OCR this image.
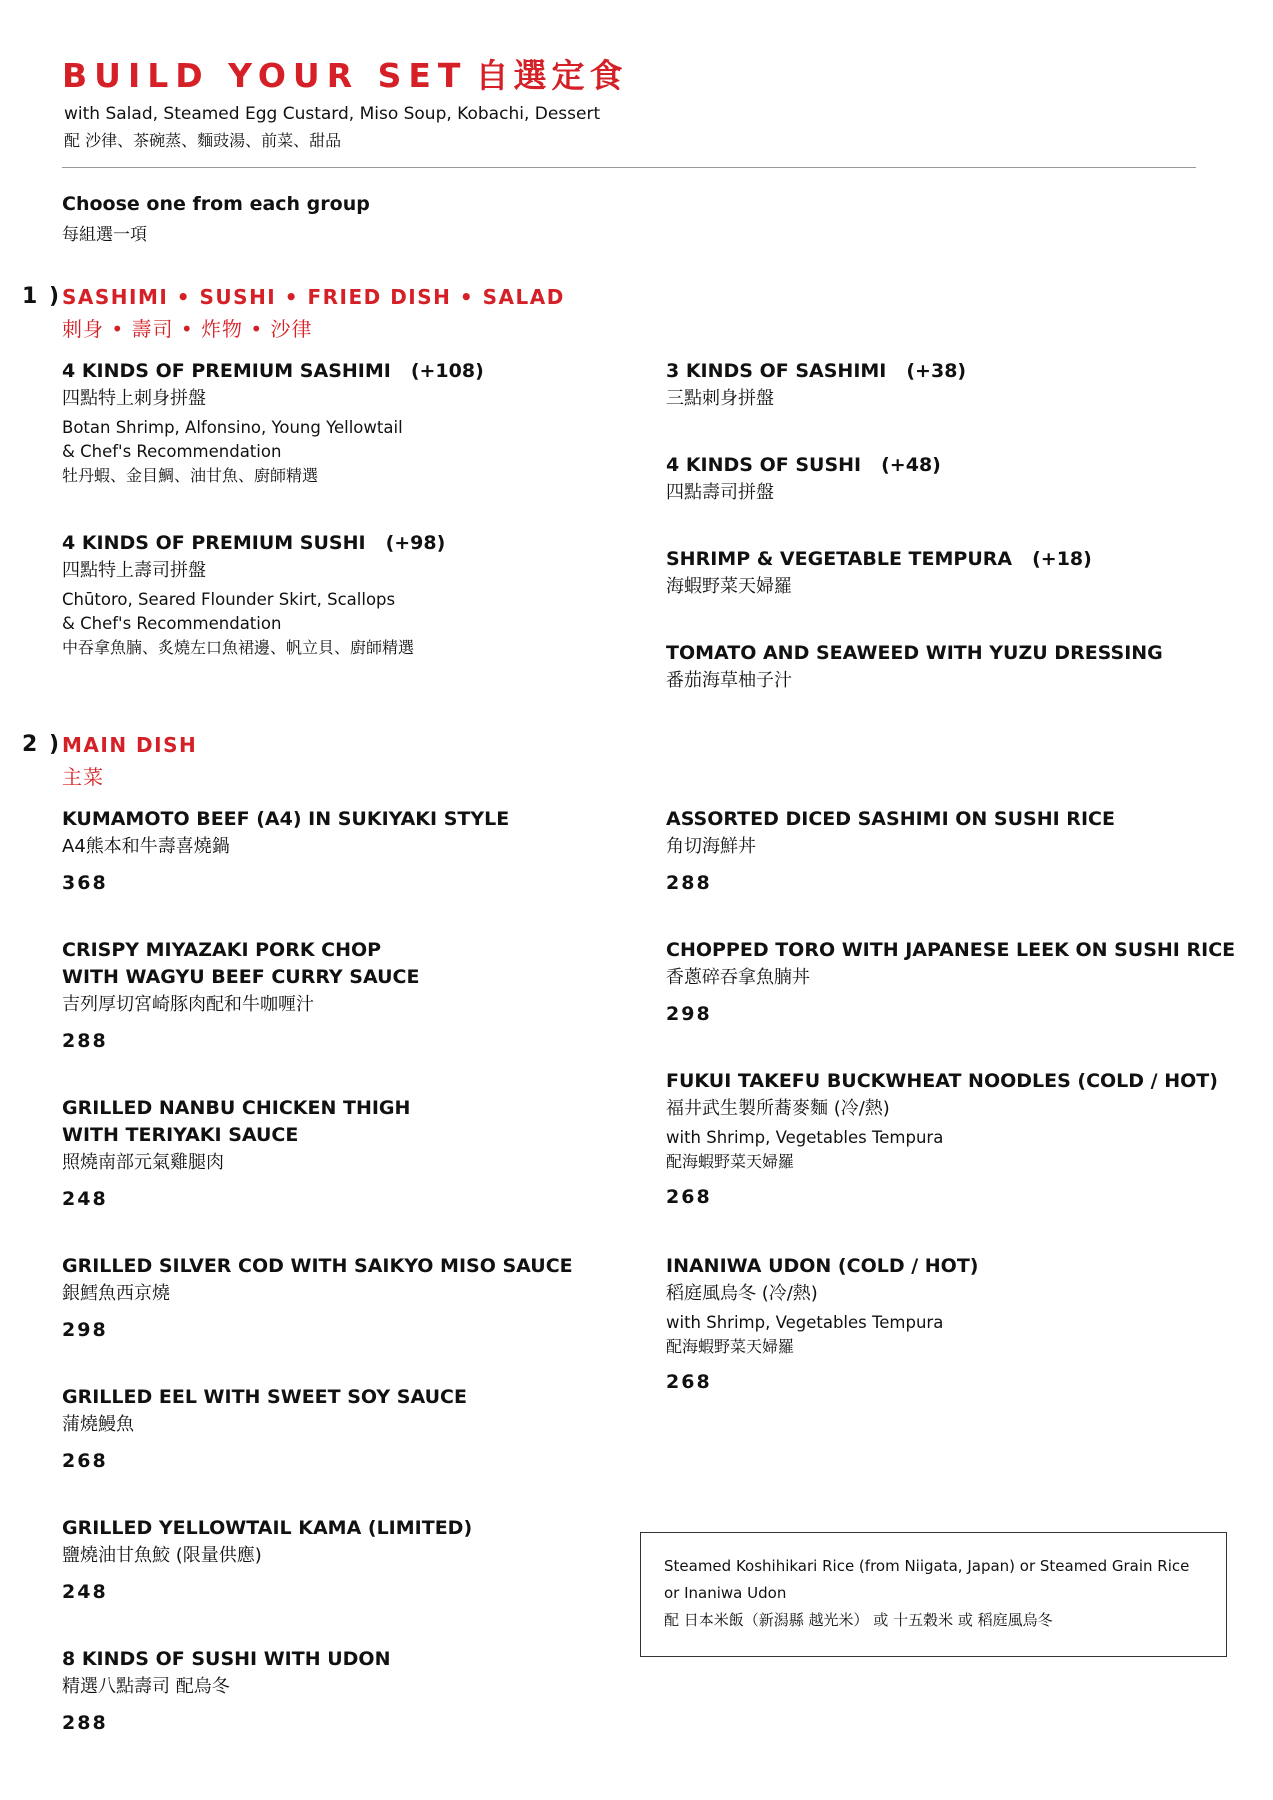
BUILD YOUR SET 自選定食
with Salad, Steamed Egg Custard, Miso Soup, Kobachi, Dessert
配 沙律、茶碗蒸、麵豉湯、前菜、甜品
Choose one from each group
每組選一項
1 ) SASHIMI • SUSHI • FRIED DISH • SALAD
刺身 • 壽司 • 炸物 • 沙律
4 KINDS OF PREMIUM SASHIMI (+108)
四點特上刺身拼盤
Botan Shrimp, Alfonsino, Young Yellowtail
& Chef's Recommendation
牡丹蝦、金目鯛、油甘魚、廚師精選
4 KINDS OF PREMIUM SUSHI (+98)
四點特上壽司拼盤
Chūtoro, Seared Flounder Skirt, Scallops
& Chef's Recommendation
中吞拿魚腩、炙燒左口魚裙邊、帆立貝、廚師精選
3 KINDS OF SASHIMI (+38)
三點刺身拼盤
4 KINDS OF SUSHI (+48)
四點壽司拼盤
SHRIMP & VEGETABLE TEMPURA (+18)
海蝦野菜天婦羅
TOMATO AND SEAWEED WITH YUZU DRESSING
番茄海草柚子汁
2 ) MAIN DISH
主菜
KUMAMOTO BEEF (A4) IN SUKIYAKI STYLE
A4熊本和牛壽喜燒鍋
368
CRISPY MIYAZAKI PORK CHOP
WITH WAGYU BEEF CURRY SAUCE
吉列厚切宮崎豚肉配和牛咖喱汁
288
GRILLED NANBU CHICKEN THIGH
WITH TERIYAKI SAUCE
照燒南部元氣雞腿肉
248
GRILLED SILVER COD WITH SAIKYO MISO SAUCE
銀鱈魚西京燒
298
GRILLED EEL WITH SWEET SOY SAUCE
蒲燒鰻魚
268
GRILLED YELLOWTAIL KAMA (LIMITED)
鹽燒油甘魚鮫 (限量供應)
248
8 KINDS OF SUSHI WITH UDON
精選八點壽司 配烏冬
288
ASSORTED DICED SASHIMI ON SUSHI RICE
角切海鮮丼
288
CHOPPED TORO WITH JAPANESE LEEK ON SUSHI RICE
香蔥碎吞拿魚腩丼
298
FUKUI TAKEFU BUCKWHEAT NOODLES (COLD / HOT)
福井武生製所蕎麥麵 (冷/熱)
with Shrimp, Vegetables Tempura
配海蝦野菜天婦羅
268
INANIWA UDON (COLD / HOT)
稻庭風烏冬 (冷/熱)
with Shrimp, Vegetables Tempura
配海蝦野菜天婦羅
268
Steamed Koshihikari Rice (from Niigata, Japan) or Steamed Grain Rice
or Inaniwa Udon
配 日本米飯（新潟縣 越光米） 或 十五穀米 或 稻庭風烏冬
